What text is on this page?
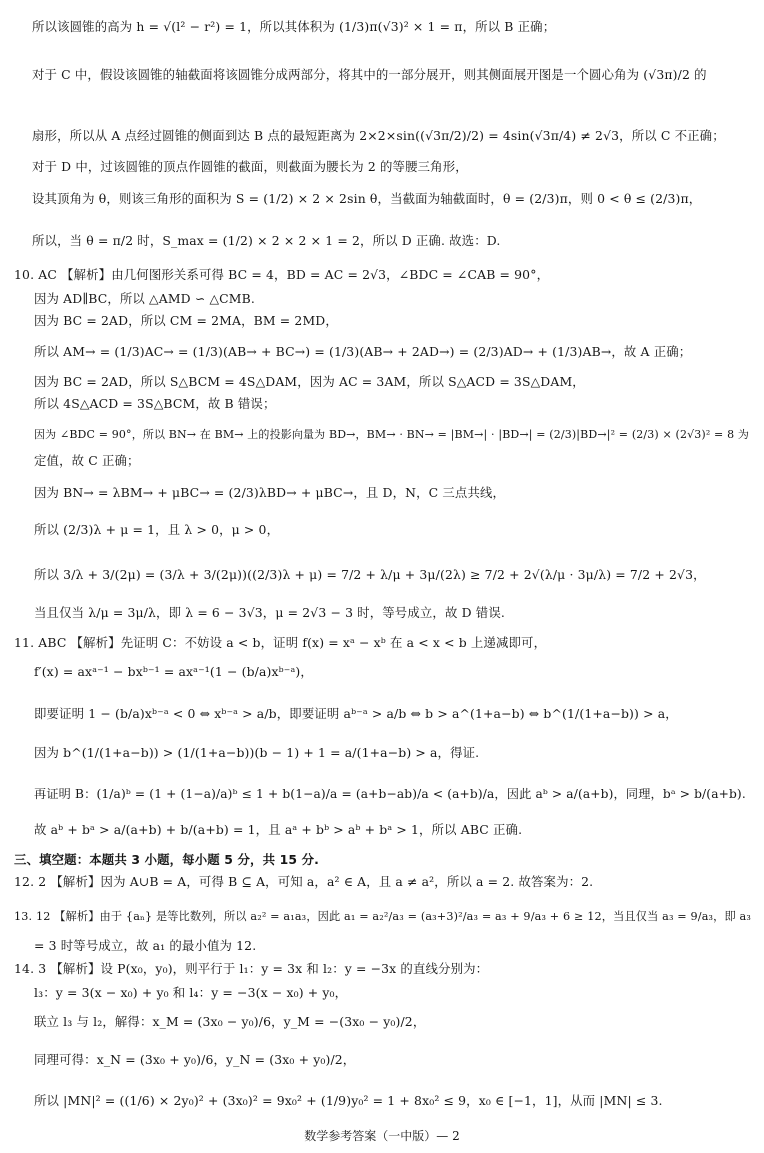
所以该圆锥的高为 h = √(l² − r²) = 1，所以其体积为 (1/3)π(√3)² × 1 = π，所以 B 正确；
对于 C 中，假设该圆锥的轴截面将该圆锥分成两部分，将其中的一部分展开，则其侧面展开图是一个圆心角为 (√3π)/2 的
扇形，所以从 A 点经过圆锥的侧面到达 B 点的最短距离为 2×2×sin((√3π/2)/2) = 4sin(√3π/4) ≠ 2√3，所以 C 不正确；
对于 D 中，过该圆锥的顶点作圆锥的截面，则截面为腰长为 2 的等腰三角形，
设其顶角为 θ，则该三角形的面积为 S = (1/2) × 2 × 2sin θ，当截面为轴截面时，θ = (2/3)π，则 0 < θ ≤ (2/3)π，
所以，当 θ = π/2 时，S_max = (1/2) × 2 × 2 × 1 = 2，所以 D 正确. 故选：D.
10. AC 【解析】由几何图形关系可得 BC = 4，BD = AC = 2√3，∠BDC = ∠CAB = 90°，
因为 AD∥BC，所以 △AMD ∽ △CMB.
因为 BC = 2AD，所以 CM = 2MA，BM = 2MD，
所以 AM→ = (1/3)AC→ = (1/3)(AB→ + BC→) = (1/3)(AB→ + 2AD→) = (2/3)AD→ + (1/3)AB→，故 A 正确；
因为 BC = 2AD，所以 S△BCM = 4S△DAM，因为 AC = 3AM，所以 S△ACD = 3S△DAM，
所以 4S△ACD = 3S△BCM，故 B 错误；
因为 ∠BDC = 90°，所以 BN→ 在 BM→ 上的投影向量为 BD→，BM→ · BN→ = |BM→| · |BD→| = (2/3)|BD→|² = (2/3) × (2√3)² = 8 为
定值，故 C 正确；
因为 BN→ = λBM→ + μBC→ = (2/3)λBD→ + μBC→，且 D，N，C 三点共线，
所以 (2/3)λ + μ = 1，且 λ > 0，μ > 0，
所以 3/λ + 3/(2μ) = (3/λ + 3/(2μ))((2/3)λ + μ) = 7/2 + λ/μ + 3μ/(2λ) ≥ 7/2 + 2√(λ/μ · 3μ/λ) = 7/2 + 2√3，
当且仅当 λ/μ = 3μ/λ，即 λ = 6 − 3√3，μ = 2√3 − 3 时，等号成立，故 D 错误.
11. ABC 【解析】先证明 C：不妨设 a < b，证明 f(x) = xᵃ − xᵇ 在 a < x < b 上递减即可，
f′(x) = axᵃ⁻¹ − bxᵇ⁻¹ = axᵃ⁻¹(1 − (b/a)xᵇ⁻ᵃ)，
即要证明 1 − (b/a)xᵇ⁻ᵃ < 0 ⇔ xᵇ⁻ᵃ > a/b，即要证明 aᵇ⁻ᵃ > a/b ⇔ b > a^(1+a−b) ⇔ b^(1/(1+a−b)) > a，
因为 b^(1/(1+a−b)) > (1/(1+a−b))(b − 1) + 1 = a/(1+a−b) > a，得证.
再证明 B：(1/a)ᵇ = (1 + (1−a)/a)ᵇ ≤ 1 + b(1−a)/a = (a+b−ab)/a < (a+b)/a，因此 aᵇ > a/(a+b)，同理，bᵃ > b/(a+b).
故 aᵇ + bᵃ > a/(a+b) + b/(a+b) = 1，且 aᵃ + bᵇ > aᵇ + bᵃ > 1，所以 ABC 正确.
三、填空题：本题共 3 小题，每小题 5 分，共 15 分.
12. 2 【解析】因为 A∪B = A，可得 B ⊆ A，可知 a，a² ∈ A，且 a ≠ a²，所以 a = 2. 故答案为：2.
13. 12 【解析】由于 {aₙ} 是等比数列，所以 a₂² = a₁a₃，因此 a₁ = a₂²/a₃ = (a₃+3)²/a₃ = a₃ + 9/a₃ + 6 ≥ 12，当且仅当 a₃ = 9/a₃，即 a₃
= 3 时等号成立，故 a₁ 的最小值为 12.
14. 3 【解析】设 P(x₀，y₀)，则平行于 l₁：y = 3x 和 l₂：y = −3x 的直线分别为：
l₃：y = 3(x − x₀) + y₀ 和 l₄：y = −3(x − x₀) + y₀，
联立 l₃ 与 l₂，解得：x_M = (3x₀ − y₀)/6，y_M = −(3x₀ − y₀)/2，
同理可得：x_N = (3x₀ + y₀)/6，y_N = (3x₀ + y₀)/2，
所以 |MN|² = ((1/6) × 2y₀)² + (3x₀)² = 9x₀² + (1/9)y₀² = 1 + 8x₀² ≤ 9，x₀ ∈ [−1，1]，从而 |MN| ≤ 3.
数学参考答案（一中版）— 2
